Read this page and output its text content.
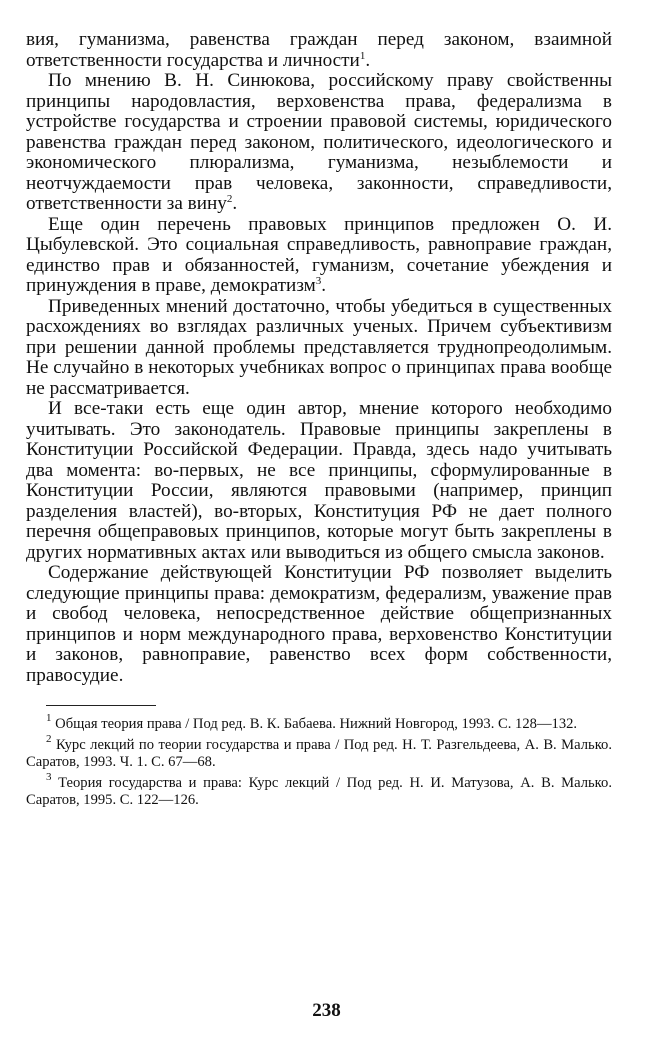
вия, гуманизма, равенства граждан перед законом, взаимной ответственности государства и личности$^1$.

По мнению В. Н. Синюкова, российскому праву свойственны принципы народовластия, верховенства права, федерализма в устройстве государства и строении правовой системы, юридического равенства граждан перед законом, политического, идеологического и экономического плюрализма, гуманизма, незыблемости и неотчуждаемости прав человека, законности, справедливости, ответственности за вину$^2$.

Еще один перечень правовых принципов предложен О. И. Цыбулевской. Это социальная справедливость, равноправие граждан, единство прав и обязанностей, гуманизм, сочетание убеждения и принуждения в праве, демократизм$^3$.

Приведенных мнений достаточно, чтобы убедиться в существенных расхождениях во взглядах различных ученых. Причем субъективизм при решении данной проблемы представляется труднопреодолимым. Не случайно в некоторых учебниках вопрос о принципах права вообще не рассматривается.

И все-таки есть еще один автор, мнение которого необходимо учитывать. Это законодатель. Правовые принципы закреплены в Конституции Российской Федерации. Правда, здесь надо учитывать два момента: во-первых, не все принципы, сформулированные в Конституции России, являются правовыми (например, принцип разделения властей), во-вторых, Конституция РФ не дает полного перечня общеправовых принципов, которые могут быть закреплены в других нормативных актах или выводиться из общего смысла законов.

Содержание действующей Конституции РФ позволяет выделить следующие принципы права: демократизм, федерализм, уважение прав и свобод человека, непосредственное действие общепризнанных принципов и норм международного права, верховенство Конституции и законов, равноправие, равенство всех форм собственности, правосудие.

$^1$ Общая теория права / Под ред. В. К. Бабаева. Нижний Новгород, 1993. С. 128—132.

$^2$ Курс лекций по теории государства и права / Под ред. Н. Т. Разгельдеева, А. В. Малько. Саратов, 1993. Ч. 1. С. 67—68.

$^3$ Теория государства и права: Курс лекций / Под ред. Н. И. Матузова, А. В. Малько. Саратов, 1995. С. 122—126.

238
